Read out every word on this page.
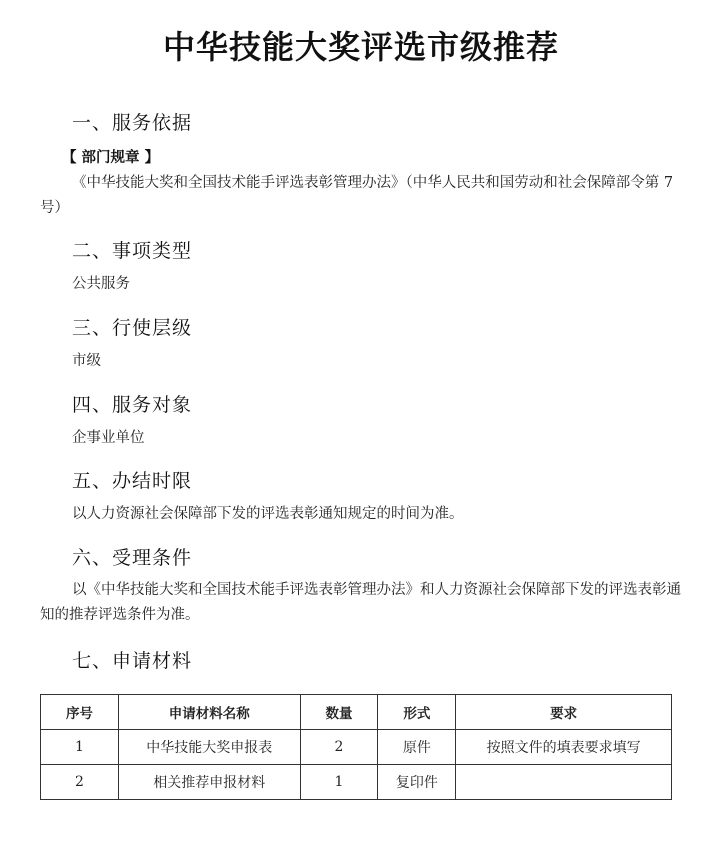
中华技能大奖评选市级推荐
一、服务依据
【 部门规章 】
《中华技能大奖和全国技术能手评选表彰管理办法》（中华人民共和国劳动和社会保障部令第 7 号）
二、事项类型
公共服务
三、行使层级
市级
四、服务对象
企事业单位
五、办结时限
以人力资源社会保障部下发的评选表彰通知规定的时间为准。
六、受理条件
以《中华技能大奖和全国技术能手评选表彰管理办法》和人力资源社会保障部下发的评选表彰通知的推荐评选条件为准。
七、申请材料
序号	申请材料名称	数量	形式	要求
1	中华技能大奖申报表	2	原件	按照文件的填表要求填写
2	相关推荐申报材料	1	复印件	
